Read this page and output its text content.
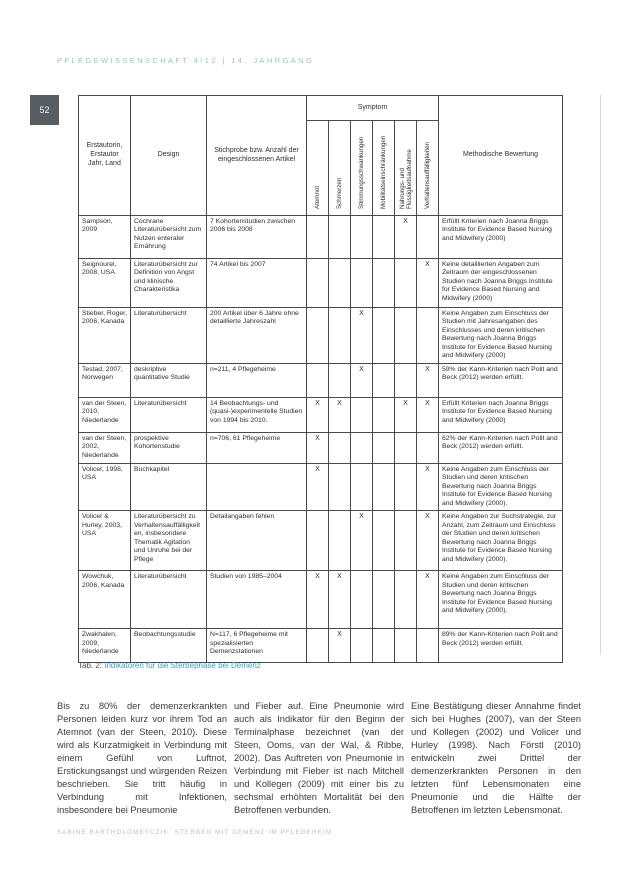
PFLEGEWISSENSCHAFT 4/12 | 14. JAHRGANG
52
Erstautorin, Erstautor Jahr, Land	Design	Stichprobe bzw. Anzahl der eingeschlossenen Artikel	Symptom						Methodische Bewertung
			Atemnot	Schmerzen	Stimmungsschwankungen	Mobilitätseinschränkungen	Nahrungs- und Flüssigkeitsaufnahme	Verhaltensauffälligkeiten	
Sampson, 2009	Cochrane Literaturübersicht zum Nutzen enteraler Ernährung	7 Kohortenstudien zwischen 2006 bis 2008					X		Erfüllt Kriterien nach Joanna Briggs Institute for Evidence Based Nursing and Midwifery (2000)
Seignourel, 2008, USA	Literaturübersicht zur Definition von Angst und klinische Charakteristika	74 Artikel bis 2007						X	Keine detaillierten Angaben zum Zeitraum der eingeschlossenen Studien nach Joanna Briggs Institute for Evidence Based Nursing and Midwifery (2000)
Stieber, Roger, 2006, Kanada	Literaturübersicht	200 Artikel über 6 Jahre ohne detaillierte Jahreszahl			X				Keine Angaben zum Einschluss der Studien mit Jahresangaben des Einschlusses und deren kritischen Bewertung nach Joanna Briggs Institute for Evidence Based Nursing and Midwifery (2000)
Testad, 2007, Norwegen	deskriptive quantitative Studie	n=211, 4 Pflegeheime			X			X	59% der Kann-Kriterien nach Polit and Beck (2012) werden erfüllt.
van der Steen, 2010, Niederlande	Literaturübersicht	14 Beobachtungs- und (quasi-)experimentelle Studien von 1994 bis 2010.	X	X			X	X	Erfüllt Kriterien nach Joanna Briggs Institute for Evidence Based Nursing and Midwifery (2000)
van der Steen, 2002, Niederlande	prospektive Kohortenstudie	n=706, 61 Pflegeheime	X						62% der Kann-Kriterien nach Polit and Beck (2012) werden erfüllt.
Volicer, 1998, USA	Buchkapitel		X					X	Keine Angaben zum Einschluss der Studien und deren kritischen Bewertung nach Joanna Briggs Institute for Evidence Based Nursing and Midwifery (2000).
Volicer & Hurley, 2003, USA	Literaturübersicht zu Verhaltensauffälligkeiten, insbesondere Thematik Agitation und Unruhe bei der Pflege	Detailangaben fehlen			X			X	Keine Angaben zur Suchstrategie, zur Anzahl, zum Zeitraum und Einschluss der Studien und deren kritischen Bewertung nach Joanna Briggs Institute for Evidence Based Nursing and Midwifery (2000).
Wowchuk, 2006, Kanada	Literaturübersicht	Studien von 1985–2004	X	X				X	Keine Angaben zum Einschluss der Studien und deren kritischen Bewertung nach Joanna Briggs Institute for Evidence Based Nursing and Midwifery (2000).
Zwakhalen, 2009, Niederlande	Beobachtungsstudie	N=117, 6 Pflegeheime mit spezialisierten Demenzstationen		X					89% der Kann-Kriterien nach Polit and Beck (2012) werden erfüllt.
Tab. 2: Indikatoren für die Sterbephase bei Demenz
Bis zu 80% der demenzerkrankten Personen leiden kurz vor ihrem Tod an Atemnot (van der Steen, 2010). Diese wird als Kurzatmigkeit in Verbindung mit einem Gefühl von Luftnot, Erstickungsangst und würgenden Reizen beschrieben. Sie tritt häufig in Verbindung mit Infektionen, insbesondere bei Pneumonie
und Fieber auf. Eine Pneumonie wird auch als Indikator für den Beginn der Terminalphase bezeichnet (van der Steen, Ooms, van der Wal, & Ribbe, 2002). Das Auftreten von Pneumonie in Verbindung mit Fieber ist nach Mitchell und Kollegen (2009) mit einer bis zu sechsmal erhöhten Mortalität bei den Betroffenen verbunden.
Eine Bestätigung dieser Annahme findet sich bei Hughes (2007), van der Steen und Kollegen (2002) und Volicer und Hurley (1998). Nach Förstl (2010) entwickeln zwei Drittel der demenzerkrankten Personen in den letzten fünf Lebensmonaten eine Pneumonie und die Hälfte der Betroffenen im letzten Lebensmonat.
SABINE BARTHOLOMEYCZIK: STERBEN MIT DEMENZ IM PFLEGEHEIM
